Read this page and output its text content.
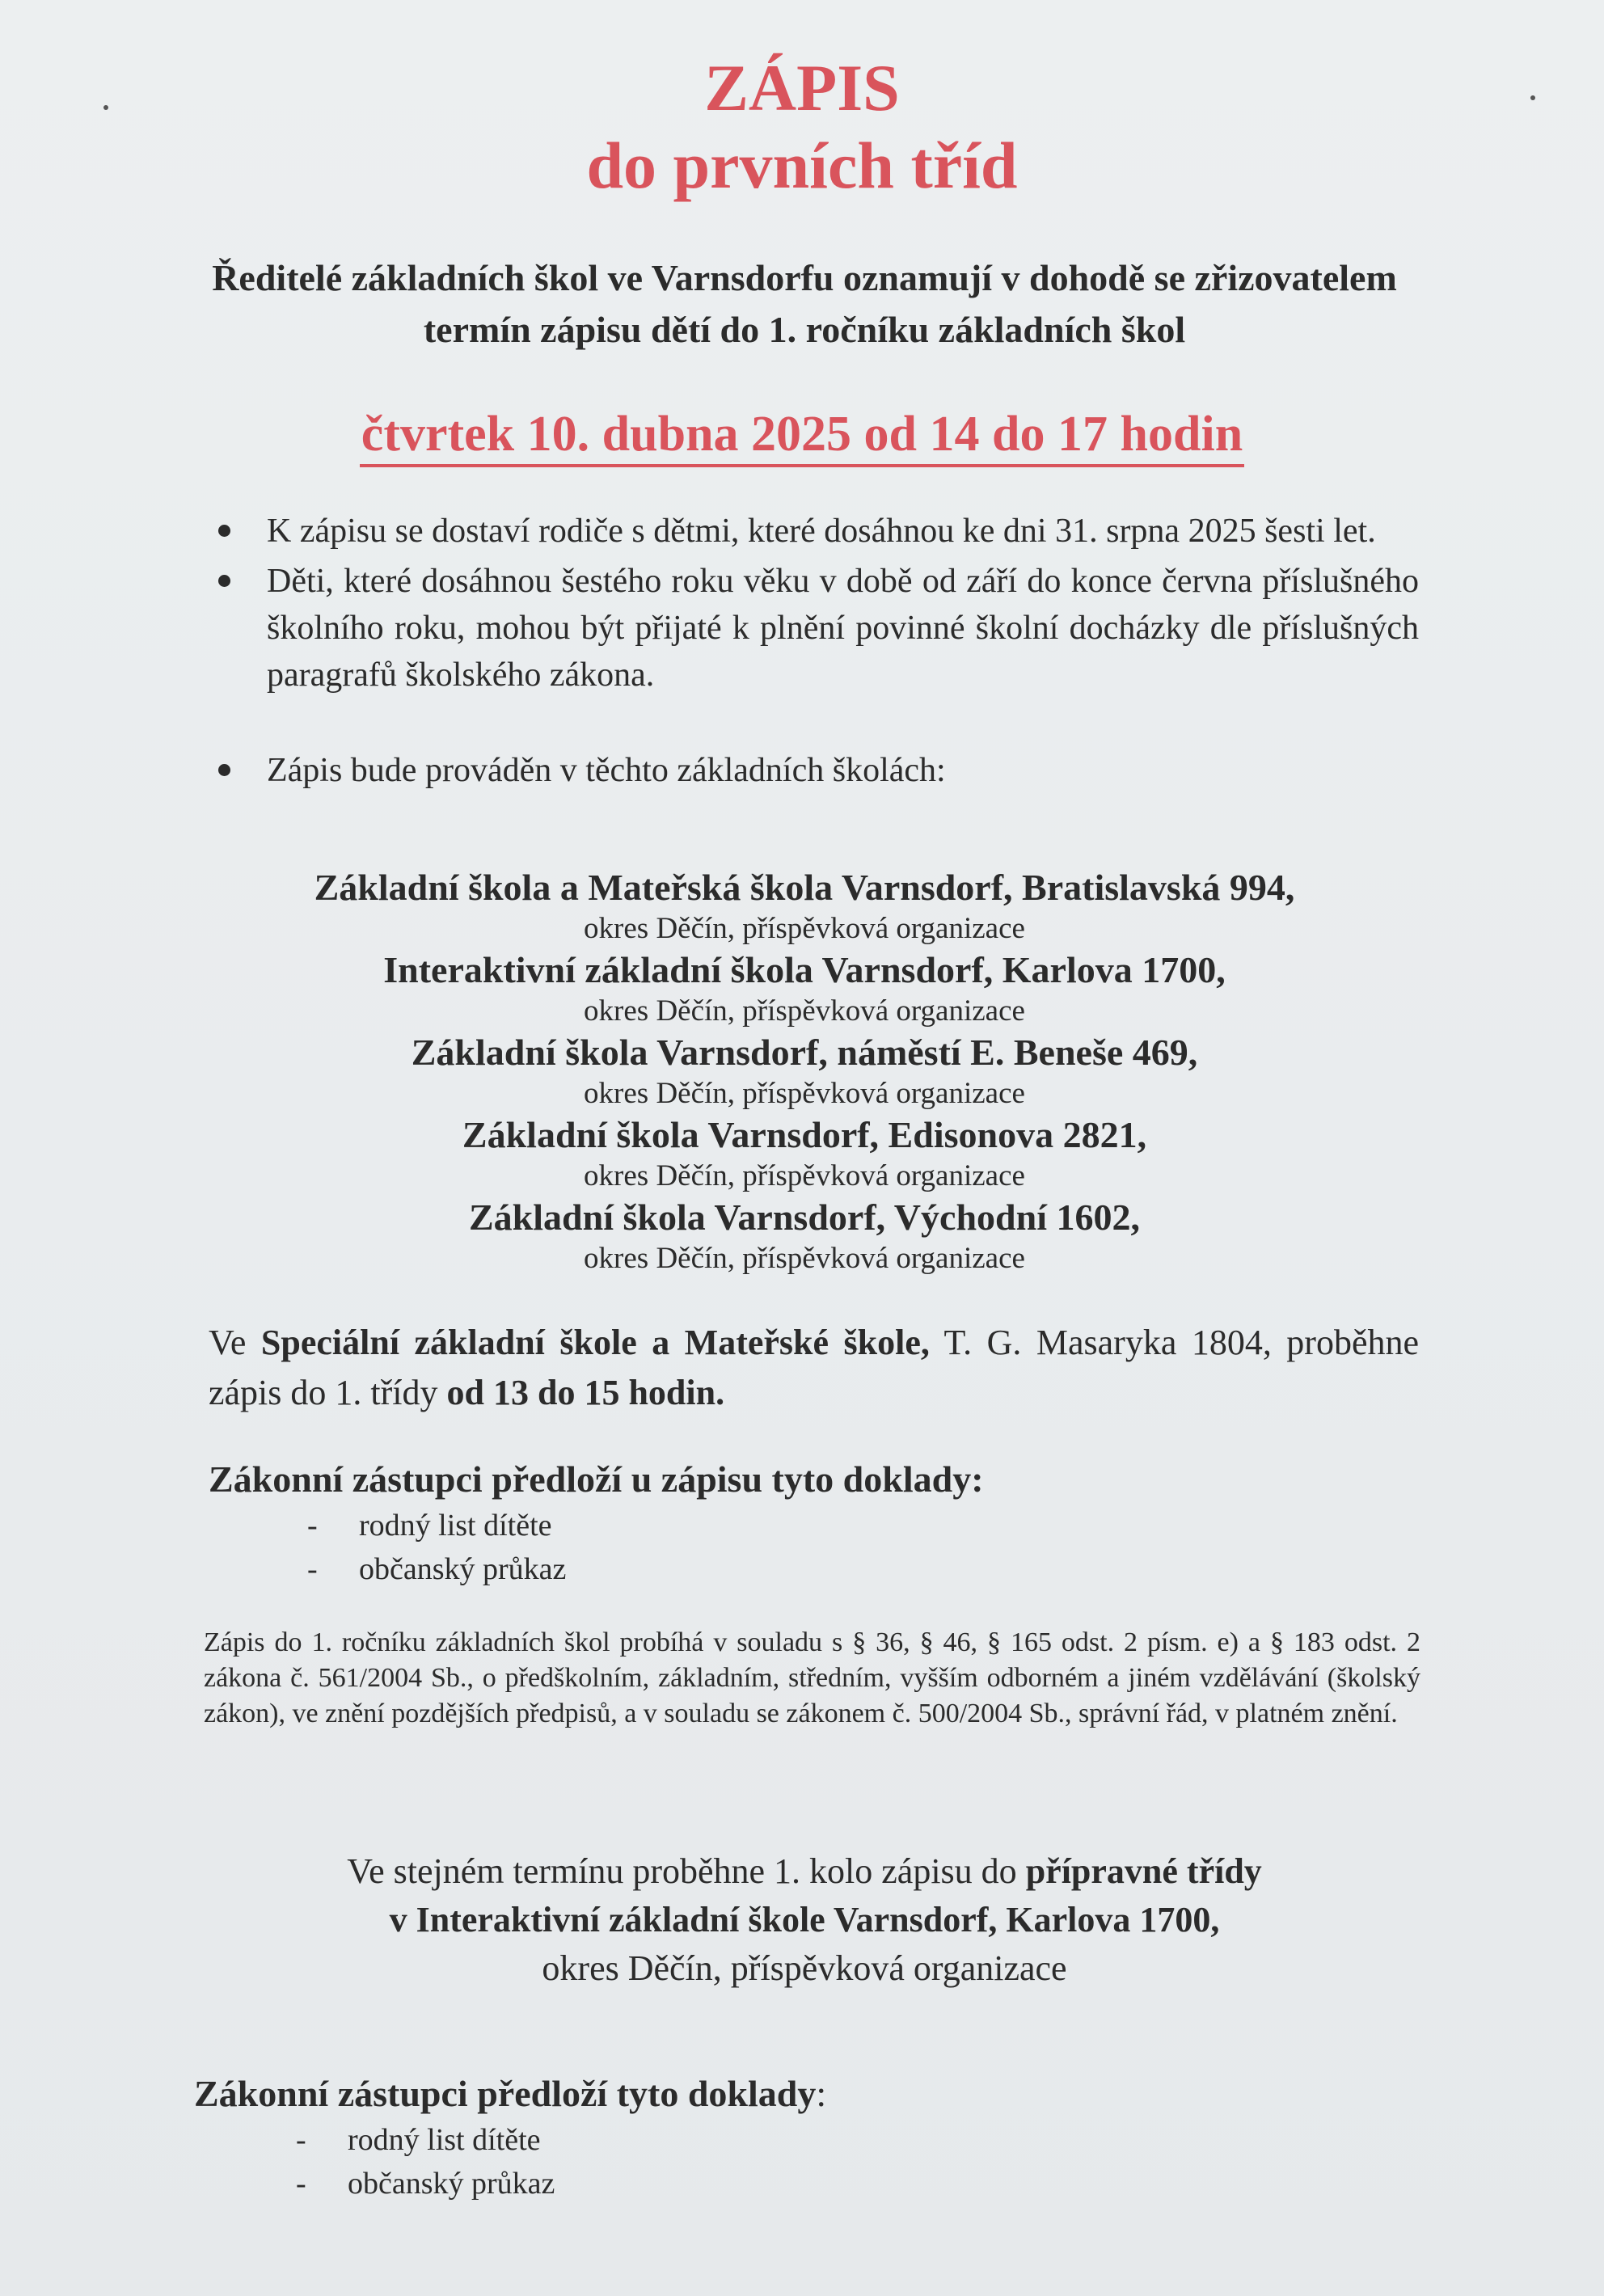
ZÁPIS
do prvních tříd
Ředitelé základních škol ve Varnsdorfu oznamují v dohodě se zřizovatelem termín zápisu dětí do 1. ročníku základních škol
čtvrtek 10. dubna 2025 od 14 do 17 hodin
K zápisu se dostaví rodiče s dětmi, které dosáhnou ke dni 31. srpna 2025 šesti let.
Děti, které dosáhnou šestého roku věku v době od září do konce června příslušného školního roku, mohou být přijaté k plnění povinné školní docházky dle příslušných paragrafů školského zákona.
Zápis bude prováděn v těchto základních školách:
Základní škola a Mateřská škola Varnsdorf, Bratislavská 994,
okres Děčín, příspěvková organizace
Interaktivní základní škola Varnsdorf, Karlova 1700,
okres Děčín, příspěvková organizace
Základní škola Varnsdorf, náměstí E. Beneše 469,
okres Děčín, příspěvková organizace
Základní škola Varnsdorf, Edisonova 2821,
okres Děčín, příspěvková organizace
Základní škola Varnsdorf, Východní 1602,
okres Děčín, příspěvková organizace
Ve Speciální základní škole a Mateřské škole, T. G. Masaryka 1804, proběhne zápis do 1. třídy od 13 do 15 hodin.
Zákonní zástupci předloží u zápisu tyto doklady:
- rodný list dítěte
- občanský průkaz
Zápis do 1. ročníku základních škol probíhá v souladu s § 36, § 46, § 165 odst. 2 písm. e) a § 183 odst. 2 zákona č. 561/2004 Sb., o předškolním, základním, středním, vyšším odborném a jiném vzdělávání (školský zákon), ve znění pozdějších předpisů, a v souladu se zákonem č. 500/2004 Sb., správní řád, v platném znění.
Ve stejném termínu proběhne 1. kolo zápisu do přípravné třídy
v Interaktivní základní škole Varnsdorf, Karlova 1700,
okres Děčín, příspěvková organizace
Zákonní zástupci předloží tyto doklady:
- rodný list dítěte
- občanský průkaz
